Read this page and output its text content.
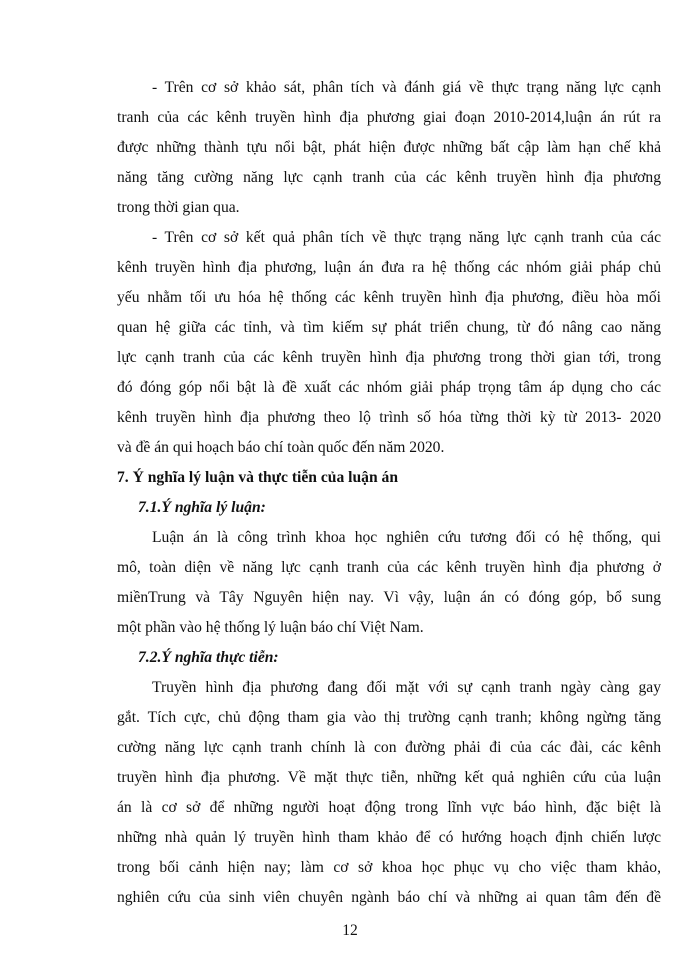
- Trên cơ sở khảo sát, phân tích và đánh giá về thực trạng năng lực cạnh
tranh của các kênh truyền hình địa phương giai đoạn 2010-2014,luận án rút ra
được những thành tựu nổi bật, phát hiện được những bất cập làm hạn chế khả
năng tăng cường năng lực cạnh tranh của các kênh truyền hình địa phương
trong thời gian qua.
- Trên cơ sở kết quả phân tích về thực trạng năng lực cạnh tranh của các
kênh truyền hình địa phương, luận án đưa ra hệ thống các nhóm giải pháp chủ
yếu nhằm tối ưu hóa hệ thống các kênh truyền hình địa phương, điều hòa mối
quan hệ giữa các tỉnh, và tìm kiếm sự phát triển chung, từ đó nâng cao năng
lực cạnh tranh của các kênh truyền hình địa phương trong thời gian tới, trong
đó đóng góp nổi bật là đề xuất các nhóm giải pháp trọng tâm áp dụng cho các
kênh truyền hình địa phương theo lộ trình số hóa từng thời kỳ từ 2013- 2020
và đề án qui hoạch báo chí toàn quốc đến năm 2020.
7. Ý nghĩa lý luận và thực tiễn của luận án
7.1.Ý nghĩa lý luận:
Luận án là công trình khoa học nghiên cứu tương đối có hệ thống, qui
mô, toàn diện về năng lực cạnh tranh của các kênh truyền hình địa phương ở
miềnTrung và Tây Nguyên hiện nay. Vì vậy, luận án có đóng góp, bổ sung
một phần vào hệ thống lý luận báo chí Việt Nam.
7.2.Ý nghĩa thực tiễn:
Truyền hình địa phương đang đối mặt với sự cạnh tranh ngày càng gay
gắt. Tích cực, chủ động tham gia vào thị trường cạnh tranh; không ngừng tăng
cường năng lực cạnh tranh chính là con đường phải đi của các đài, các kênh
truyền hình địa phương. Về mặt thực tiễn, những kết quả nghiên cứu của luận
án là cơ sở để những người hoạt động trong lĩnh vực báo hình, đặc biệt là
những nhà quản lý truyền hình tham khảo để có hướng hoạch định chiến lược
trong bối cảnh hiện nay; làm cơ sở khoa học phục vụ cho việc tham khảo,
nghiên cứu của sinh viên chuyên ngành báo chí và những ai quan tâm đến đề
12
